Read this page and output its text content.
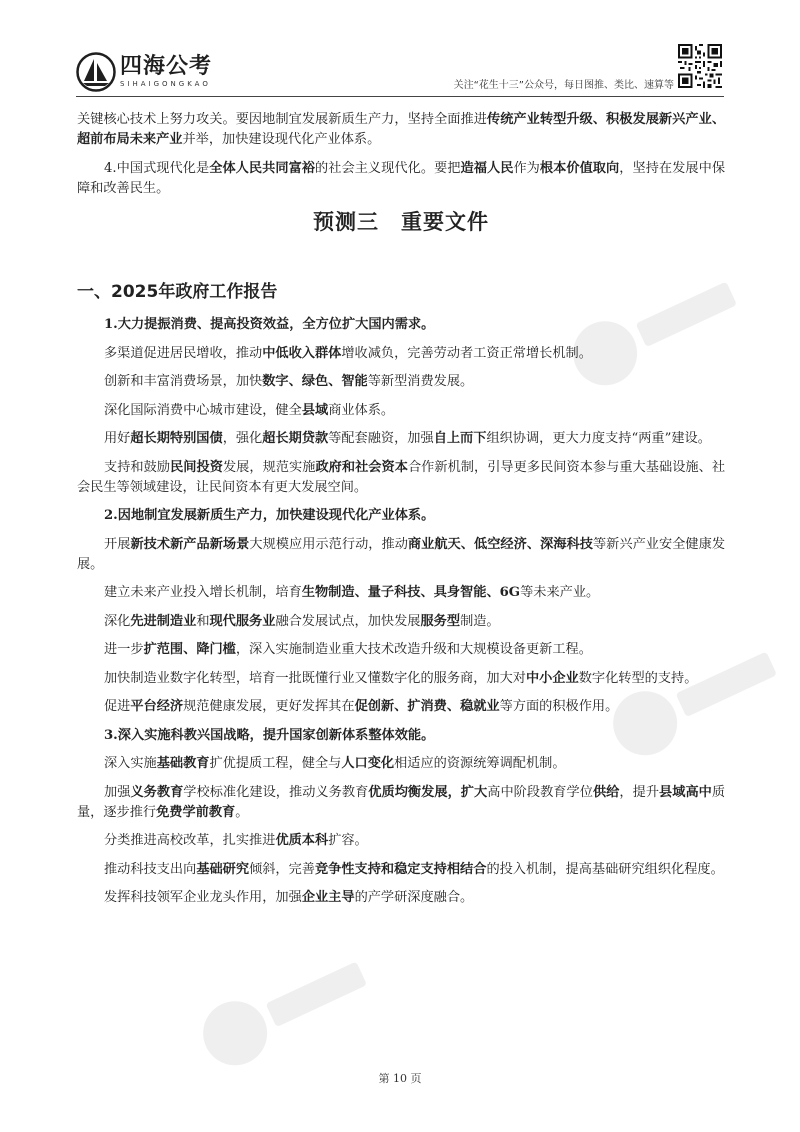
四海公考
SIHAIGONGKAO	关注“花生十三”公众号，每日图推、类比、速算等

关键核心技术上努力攻关。要因地制宜发展新质生产力，坚持全面推进传统产业转型升级、积极发展新兴产业、超前布局未来产业并举，加快建设现代化产业体系。

4.中国式现代化是全体人民共同富裕的社会主义现代化。要把造福人民作为根本价值取向，坚持在发展中保障和改善民生。

预测三　重要文件
一、2025年政府工作报告

1.大力提振消费、提高投资效益，全方位扩大国内需求。

多渠道促进居民增收，推动中低收入群体增收减负，完善劳动者工资正常增长机制。

创新和丰富消费场景，加快数字、绿色、智能等新型消费发展。

深化国际消费中心城市建设，健全县域商业体系。

用好超长期特别国债，强化超长期贷款等配套融资，加强自上而下组织协调，更大力度支持“两重”建设。

支持和鼓励民间投资发展，规范实施政府和社会资本合作新机制，引导更多民间资本参与重大基础设施、社会民生等领域建设，让民间资本有更大发展空间。

2.因地制宜发展新质生产力，加快建设现代化产业体系。

开展新技术新产品新场景大规模应用示范行动，推动商业航天、低空经济、深海科技等新兴产业安全健康发展。

建立未来产业投入增长机制，培育生物制造、量子科技、具身智能、6G等未来产业。

深化先进制造业和现代服务业融合发展试点，加快发展服务型制造。

进一步扩范围、降门槛，深入实施制造业重大技术改造升级和大规模设备更新工程。

加快制造业数字化转型，培育一批既懂行业又懂数字化的服务商，加大对中小企业数字化转型的支持。

促进平台经济规范健康发展，更好发挥其在促创新、扩消费、稳就业等方面的积极作用。

3.深入实施科教兴国战略，提升国家创新体系整体效能。

深入实施基础教育扩优提质工程，健全与人口变化相适应的资源统筹调配机制。

加强义务教育学校标准化建设，推动义务教育优质均衡发展，扩大高中阶段教育学位供给，提升县域高中质量，逐步推行免费学前教育。

分类推进高校改革，扎实推进优质本科扩容。

推动科技支出向基础研究倾斜，完善竞争性支持和稳定支持相结合的投入机制，提高基础研究组织化程度。

发挥科技领军企业龙头作用，加强企业主导的产学研深度融合。

第 10 页
